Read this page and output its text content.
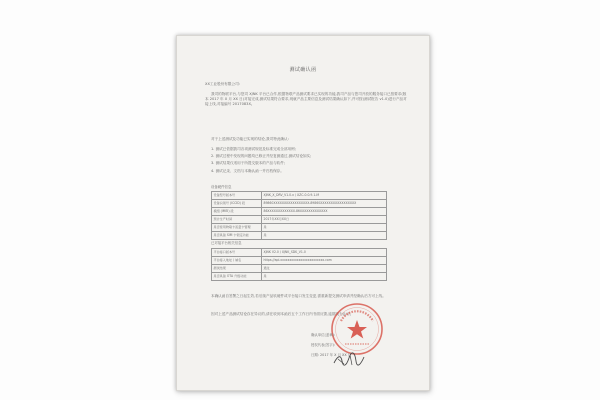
测试确认函
XX工业股份有限公司:
我司的物联平台,与您司 XJNK 平台已合作,根据物联产品测试要求已实现的功能,我司产品与您司开放的服务接口已按要求(版本 2017 年 X 月 XX 日)对接完成,测试结果符合要求,现就产品主要信息及测试结果确认如下,并可按(测试报告 v1.0)进行产品对接上线,对接编号 2017083X。
对于上述测试及功能已实现的结论,我司特此确认:
1. 测试已依据我司各项测试规范及标准完成全部用例;
2. 测试过程中发现的问题均已修正并经复测通过,测试结论如实;
3. 测试结果仅适用于所提交版本的产品与软件;
4. 测试记录、文档与本确认函一并归档保存。
设备硬件信息
设备型号版本号	XJNK_X_DRV_V1.0.x / XZC-0.0.9.1-M
设备识别号 (ICCID) 段	89860XXXXXXXXXXXXXXXXX-89860XXXXXXXXXXXXXXXXX
模组 (IMEI) 段	86XXXXXXXXXXXXX-86XXXXXXXXXXXXX
预计生产时间	2017年XX月XX日
是否使用物联卡流量卡管理	是
是否具备 SIM 卡锁定功能	是
已对接平台相关信息
平台接口版本号	XJNK V2.0 / XJNK_SDK_V1.0
平台接入地址 / 域名	https://api.xxxxxxxxxxxxxxxxxxxxxxxx.com
测试结果	通过
是否具备 OTA 升级功能	是
本确认函自签署之日起生效,若后续产品软硬件或平台接口发生变更,需重新提交测试申请并经确认后方可上线。
因对上述产品测试结论存在异议的,请在收到本函后五个工作日内书面反馈,逾期视为认可。
确认单位(盖章):
授权代表(签字):
日期: 2017 年 X 月 XX 日
